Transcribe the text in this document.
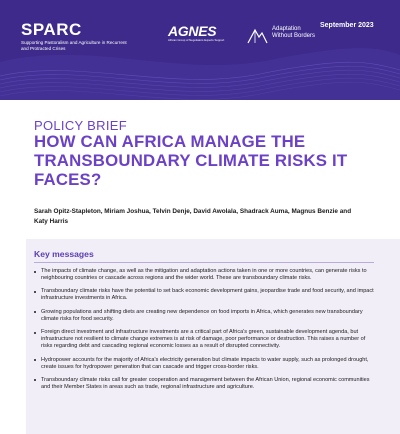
SPARC
Supporting Pastoralism and Agriculture in Recurrent and Protracted Crises
AGNES
African Group of Negotiators Experts Support
Adaptation Without Borders
September 2023
POLICY BRIEF
HOW CAN AFRICA MANAGE THE TRANSBOUNDARY CLIMATE RISKS IT FACES?
Sarah Opitz-Stapleton, Miriam Joshua, Telvin Denje, David Awolala, Shadrack Auma, Magnus Benzie and Katy Harris
Key messages
The impacts of climate change, as well as the mitigation and adaptation actions taken in one or more countries, can generate risks to neighbouring countries or cascade across regions and the wider world. These are transboundary climate risks.
Transboundary climate risks have the potential to set back economic development gains, jeopardise trade and food security, and impact infrastructure investments in Africa.
Growing populations and shifting diets are creating new dependence on food imports in Africa, which generates new transboundary climate risks for food security.
Foreign direct investment and infrastructure investments are a critical part of Africa's green, sustainable development agenda, but infrastructure not resilient to climate change extremes is at risk of damage, poor performance or destruction. This raises a number of risks regarding debt and cascading regional economic losses as a result of disrupted connectivity.
Hydropower accounts for the majority of Africa's electricity generation but climate impacts to water supply, such as prolonged drought, create issues for hydropower generation that can cascade and trigger cross-border risks.
Transboundary climate risks call for greater cooperation and management between the African Union, regional economic communities and their Member States in areas such as trade, regional infrastructure and agriculture.
